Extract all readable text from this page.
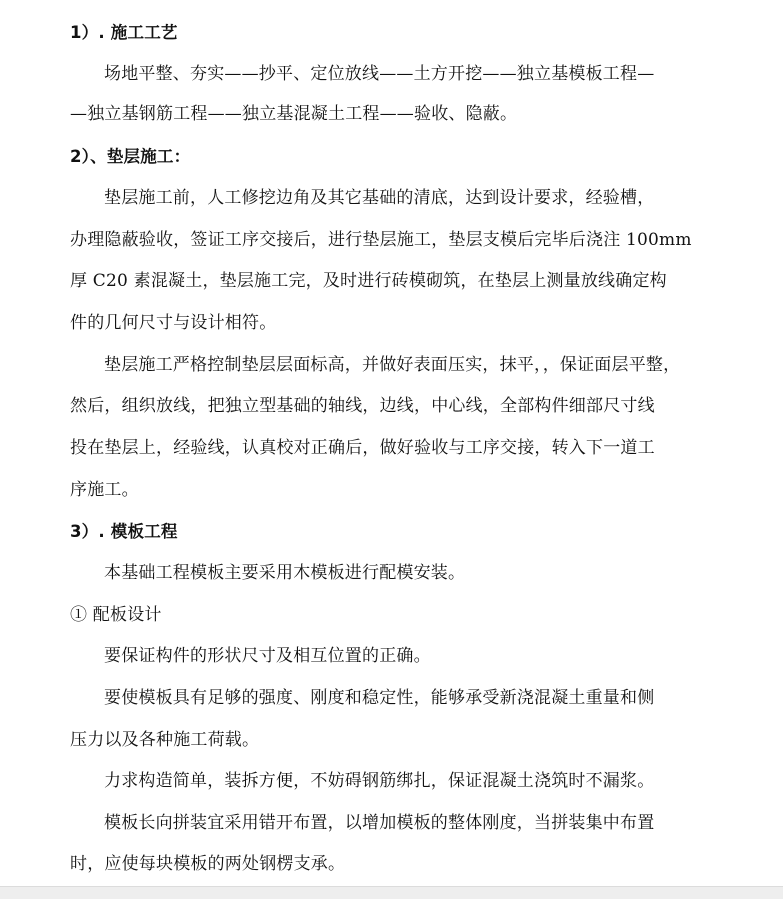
1）. 施工工艺
场地平整、夯实——抄平、定位放线——土方开挖——独立基模板工程—
—独立基钢筋工程——独立基混凝土工程——验收、隐蔽。
2）、垫层施工：
垫层施工前，人工修挖边角及其它基础的清底，达到设计要求，经验槽，
办理隐蔽验收，签证工序交接后，进行垫层施工，垫层支模后完毕后浇注 100mm
厚 C20 素混凝土，垫层施工完，及时进行砖模砌筑，在垫层上测量放线确定构
件的几何尺寸与设计相符。
垫层施工严格控制垫层层面标高，并做好表面压实，抹平，，保证面层平整，
然后，组织放线，把独立型基础的轴线，边线，中心线，全部构件细部尺寸线
投在垫层上，经验线，认真校对正确后，做好验收与工序交接，转入下一道工
序施工。
3）. 模板工程
本基础工程模板主要采用木模板进行配模安装。
① 配板设计
要保证构件的形状尺寸及相互位置的正确。
要使模板具有足够的强度、刚度和稳定性，能够承受新浇混凝土重量和侧
压力以及各种施工荷载。
力求构造简单，装拆方便，不妨碍钢筋绑扎，保证混凝土浇筑时不漏浆。
模板长向拼装宜采用错开布置，以增加模板的整体刚度，当拼装集中布置
时，应使每块模板的两处钢楞支承。
